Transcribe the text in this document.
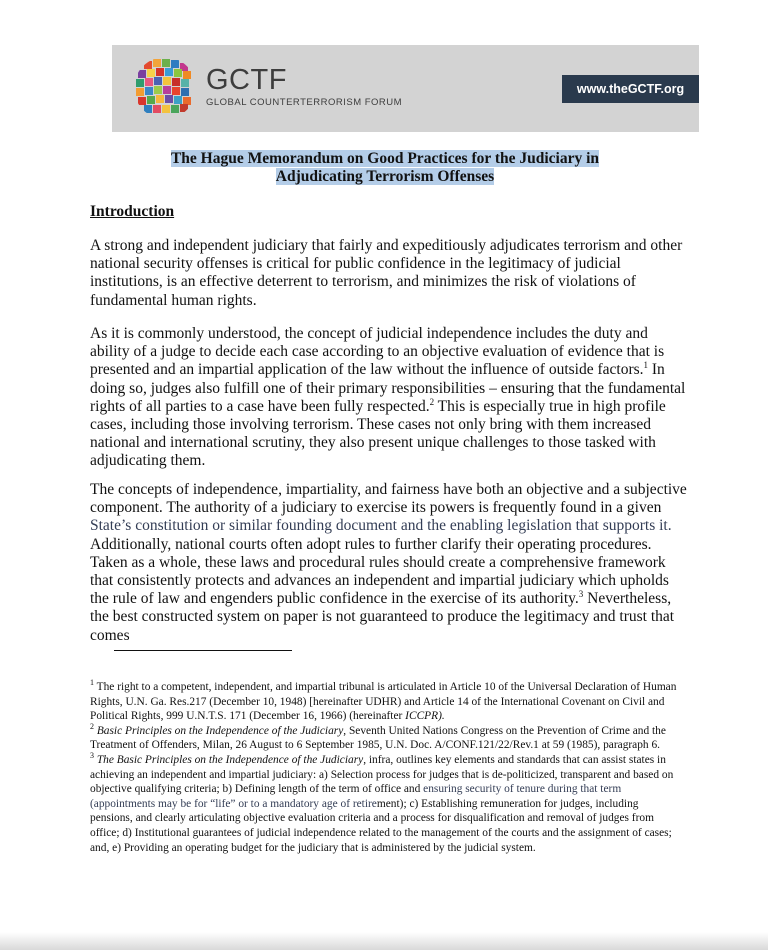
GCTF
GLOBAL COUNTERTERRORISM FORUM
www.theGCTF.org
The Hague Memorandum on Good Practices for the Judiciary in
Adjudicating Terrorism Offenses
Introduction
A strong and independent judiciary that fairly and expeditiously adjudicates terrorism and other national security offenses is critical for public confidence in the legitimacy of judicial institutions, is an effective deterrent to terrorism, and minimizes the risk of violations of fundamental human rights.
As it is commonly understood, the concept of judicial independence includes the duty and ability of a judge to decide each case according to an objective evaluation of evidence that is presented and an impartial application of the law without the influence of outside factors.$^1$ In doing so, judges also fulfill one of their primary responsibilities – ensuring that the fundamental rights of all parties to a case have been fully respected.$^2$ This is especially true in high profile cases, including those involving terrorism. These cases not only bring with them increased national and international scrutiny, they also present unique challenges to those tasked with adjudicating them.
The concepts of independence, impartiality, and fairness have both an objective and a subjective component. The authority of a judiciary to exercise its powers is frequently found in a given State’s constitution or similar founding document and the enabling legislation that supports it. Additionally, national courts often adopt rules to further clarify their operating procedures. Taken as a whole, these laws and procedural rules should create a comprehensive framework that consistently protects and advances an independent and impartial judiciary which upholds the rule of law and engenders public confidence in the exercise of its authority.$^3$ Nevertheless, the best constructed system on paper is not guaranteed to produce the legitimacy and trust that comes
$^1$ The right to a competent, independent, and impartial tribunal is articulated in Article 10 of the Universal Declaration of Human Rights, U.N. Ga. Res.217 (December 10, 1948) [hereinafter UDHR) and Article 14 of the International Covenant on Civil and Political Rights, 999 U.N.T.S. 171 (December 16, 1966) (hereinafter ICCPR).
$^2$ Basic Principles on the Independence of the Judiciary, Seventh United Nations Congress on the Prevention of Crime and the Treatment of Offenders, Milan, 26 August to 6 September 1985, U.N. Doc. A/CONF.121/22/Rev.1 at 59 (1985), paragraph 6.
$^3$ The Basic Principles on the Independence of the Judiciary, infra, outlines key elements and standards that can assist states in achieving an independent and impartial judiciary: a) Selection process for judges that is de-politicized, transparent and based on objective qualifying criteria; b) Defining length of the term of office and ensuring security of tenure during that term (appointments may be for “life” or to a mandatory age of retirement); c) Establishing remuneration for judges, including pensions, and clearly articulating objective evaluation criteria and a process for disqualification and removal of judges from office; d) Institutional guarantees of judicial independence related to the management of the courts and the assignment of cases; and, e) Providing an operating budget for the judiciary that is administered by the judicial system.
